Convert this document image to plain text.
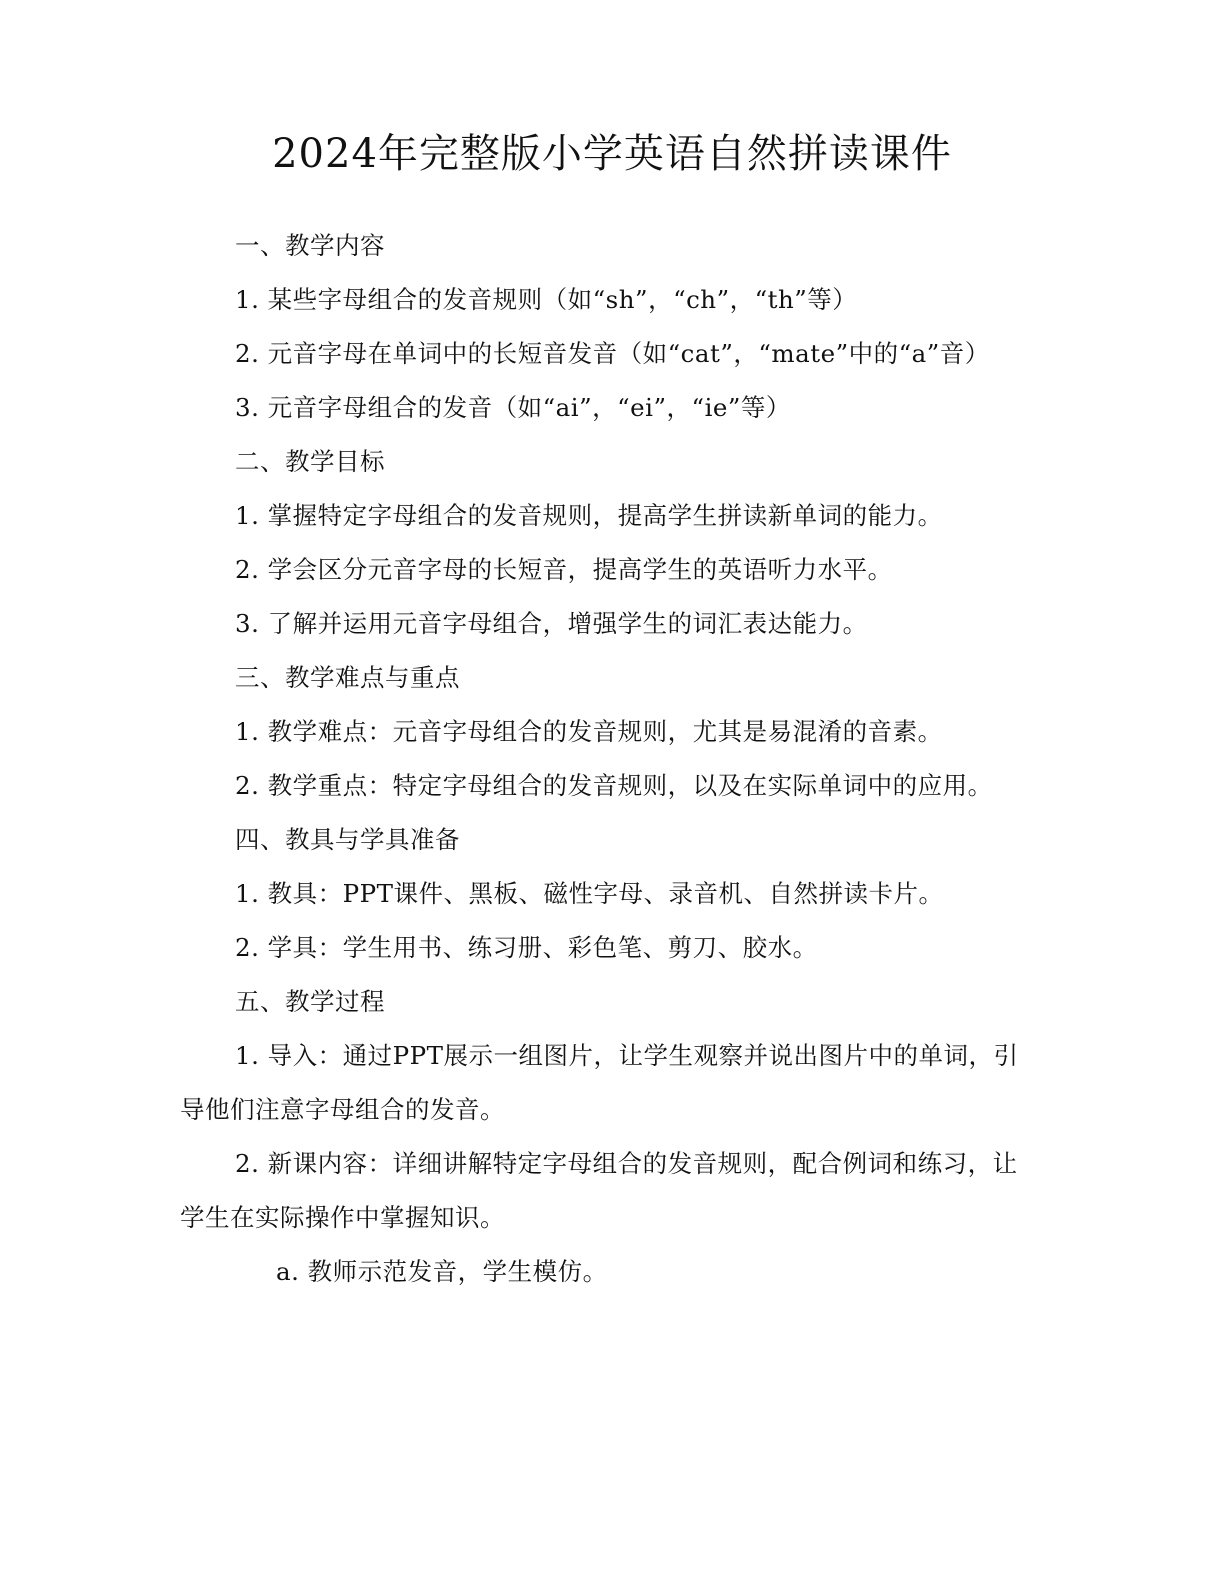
2024年完整版小学英语自然拼读课件

一、教学内容

1. 某些字母组合的发音规则（如“sh”，“ch”，“th”等）

2. 元音字母在单词中的长短音发音（如“cat”，“mate”中的“a”音）

3. 元音字母组合的发音（如“ai”，“ei”，“ie”等）

二、教学目标

1. 掌握特定字母组合的发音规则，提高学生拼读新单词的能力。

2. 学会区分元音字母的长短音，提高学生的英语听力水平。

3. 了解并运用元音字母组合，增强学生的词汇表达能力。

三、教学难点与重点

1. 教学难点：元音字母组合的发音规则，尤其是易混淆的音素。

2. 教学重点：特定字母组合的发音规则，以及在实际单词中的应用。

四、教具与学具准备

1. 教具：PPT课件、黑板、磁性字母、录音机、自然拼读卡片。

2. 学具：学生用书、练习册、彩色笔、剪刀、胶水。

五、教学过程

1. 导入：通过PPT展示一组图片，让学生观察并说出图片中的单词，引导他们注意字母组合的发音。

2. 新课内容：详细讲解特定字母组合的发音规则，配合例词和练习，让学生在实际操作中掌握知识。

a. 教师示范发音，学生模仿。
